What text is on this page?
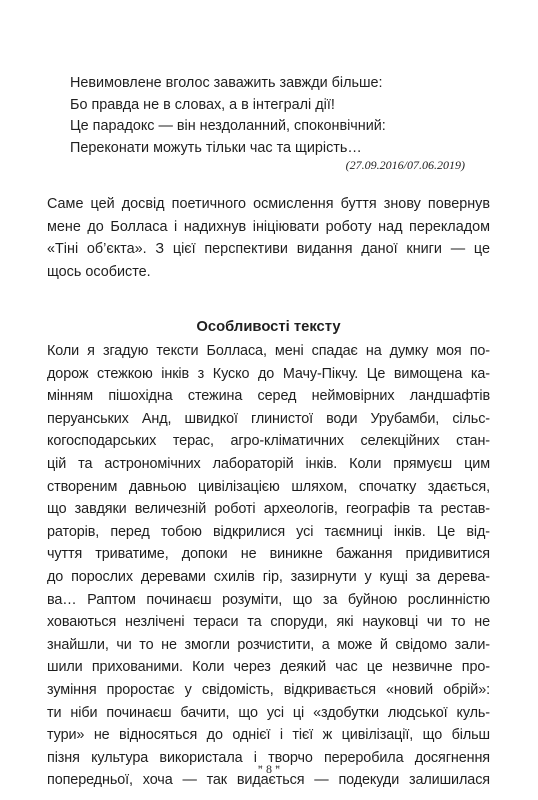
Невимовлене вголос заважить завжди більше:
Бо правда не в словах, а в інтегралі дії!
Це парадокс — він нездоланний, споконвічний:
Переконати можуть тільки час та щирість…
(27.09.2016/07.06.2019)
Саме цей досвід поетичного осмислення буття знову повернув
мене до Болласа і надихнув ініціювати роботу над перекладом
«Тіні об’єкта». З цієї перспективи видання даної книги — це
щось особисте.
Особливості тексту
Коли я згадую тексти Болласа, мені спадає на думку моя по-
дорож стежкою інків з Куско до Мачу-Пікчу. Це вимощена ка-
мінням пішохідна стежина серед неймовірних ландшафтів
перуанських Анд, швидкої глинистої води Урубамби, сільс-
когосподарських терас, агро-кліматичних селекційних стан-
цій та астрономічних лабораторій інків. Коли прямуєш цим
створеним давньою цивілізацією шляхом, спочатку здається,
що завдяки величезній роботі археологів, географів та рестав-
раторів, перед тобою відкрилися усі таємниці інків. Це від-
чуття триватиме, допоки не виникне бажання придивитися
до порослих деревами схилів гір, зазирнути у кущі за дерева-
ва… Раптом починаєш розуміти, що за буйною рослинністю
ховаються незлічені тераси та споруди, які науковці чи то не
знайшли, чи то не змогли розчистити, а може й свідомо зали-
шили прихованими. Коли через деякий час це незвичне про-
зуміння проростає у свідомість, відкривається «новий обрій»:
ти ніби починаєш бачити, що усі ці «здобутки людської куль-
тури» не відносяться до однієї і тієї ж цивілізації, що більш
пізня культура використала і творчо переробила досягнення
попередньої, хоча — так видається — подекуди залишилася
ꟸ 8 ꟸ
